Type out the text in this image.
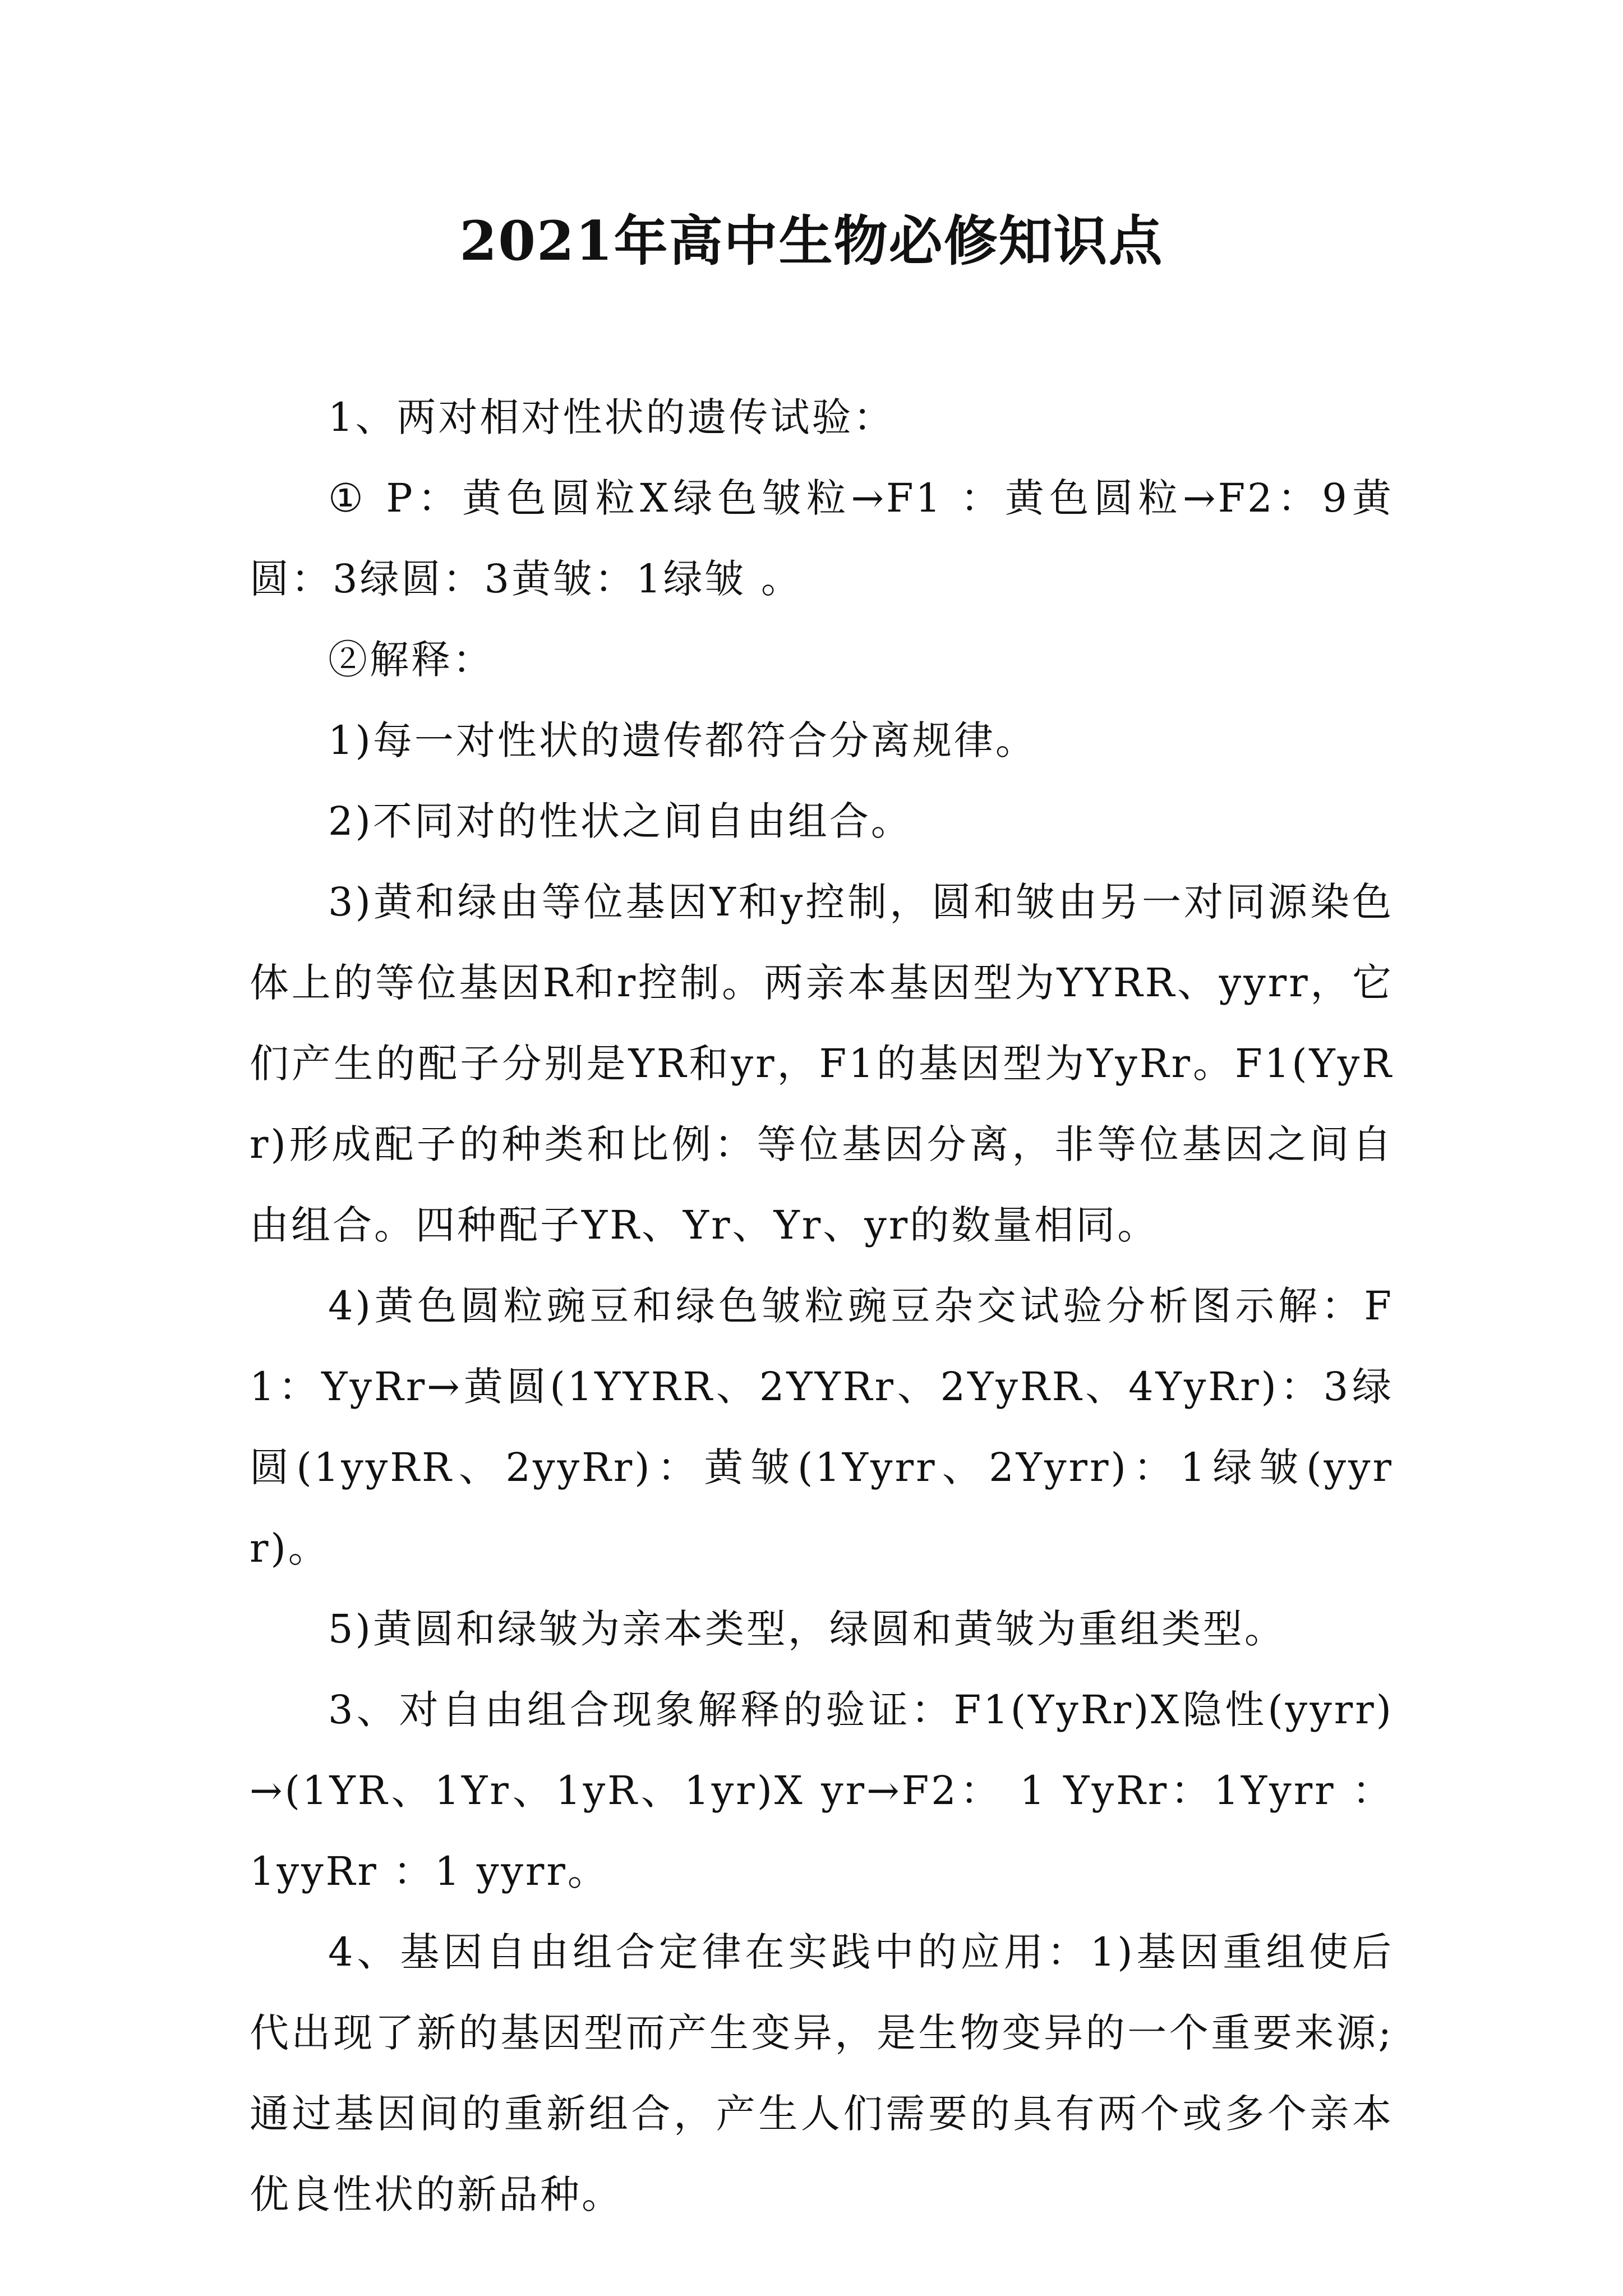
2021年高中生物必修知识点

1、两对相对性状的遗传试验：

① P：黄色圆粒X绿色皱粒→F1 ：黄色圆粒→F2：9黄圆：3绿圆：3黄皱：1绿皱 。

②解释：

1)每一对性状的遗传都符合分离规律。

2)不同对的性状之间自由组合。

3)黄和绿由等位基因Y和y控制，圆和皱由另一对同源染色体上的等位基因R和r控制。两亲本基因型为YYRR、yyrr，它们产生的配子分别是YR和yr，F1的基因型为YyRr。F1(YyRr)形成配子的种类和比例：等位基因分离，非等位基因之间自由组合。四种配子YR、Yr、Yr、yr的数量相同。

4)黄色圆粒豌豆和绿色皱粒豌豆杂交试验分析图示解：F1：YyRr→黄圆(1YYRR、2YYRr、2YyRR、4YyRr)：3绿圆(1yyRR、2yyRr)：黄皱(1Yyrr、2Yyrr)：1绿皱(yyrr)。

5)黄圆和绿皱为亲本类型，绿圆和黄皱为重组类型。

3、对自由组合现象解释的验证：F1(YyRr)X隐性(yyrr)→(1YR、1Yr、1yR、1yr)X yr→F2： 1 YyRr：1Yyrr ：1yyRr ：1 yyrr。

4、基因自由组合定律在实践中的应用：1)基因重组使后代出现了新的基因型而产生变异，是生物变异的一个重要来源;通过基因间的重新组合，产生人们需要的具有两个或多个亲本优良性状的新品种。
